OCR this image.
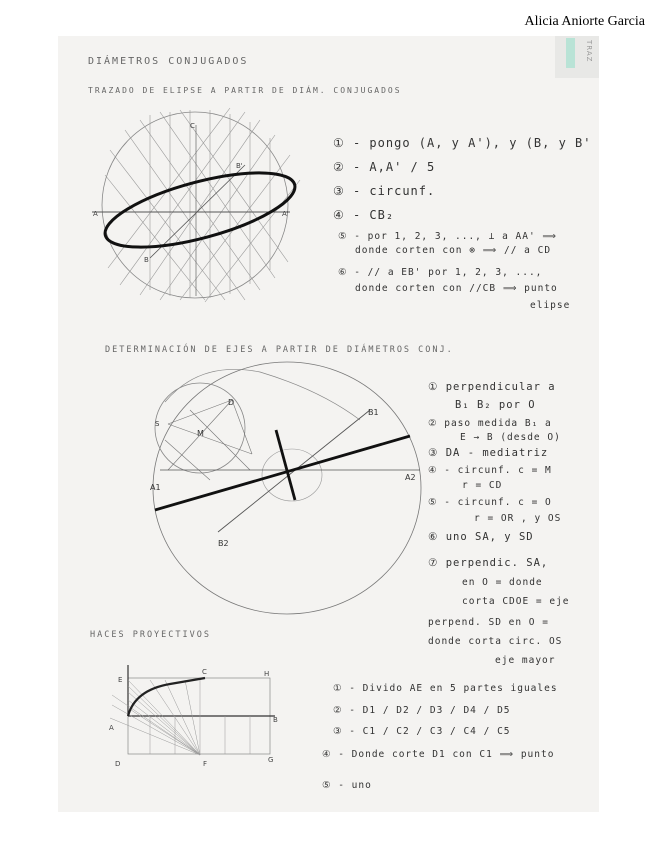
Alicia Aniorte Garcia
TRAZ
DIÁMETROS CONJUGADOS
TRAZADO DE ELIPSE A PARTIR DE DIÁM. CONJUGADOS
C
B'
A	A'
B
① - pongo (A, y A'), y (B, y B'
② - A,A' / 5
③ - circunf.
④ - CB₂
⑤ - por 1, 2, 3, ..., ⊥ a AA' ⟹
donde corten con ⊗ ⟹ // a CD
⑥ - // a EB' por 1, 2, 3, ...,
donde corten con //CB ⟹ punto
elipse
DETERMINACIÓN DE EJES A PARTIR DE DIÁMETROS CONJ.
D
B1
M
A1
A2
B2
S
① perpendicular a
B₁ B₂ por O
② paso medida B₁ a
E → B (desde O)
③ DA - mediatriz
④ - circunf. c = M
r = CD
⑤ - circunf. c = O
r = OR , y OS
⑥ uno SA, y SD
⑦ perpendic. SA,
en O = donde
corta CDOE = eje
perpend. SD en O =
donde corta circ. OS
eje mayor
HACES PROYECTIVOS
C	H
E
A
B
D	G
F
① - Divido AE en 5 partes iguales
② - D1 / D2 / D3 / D4 / D5
③ - C1 / C2 / C3 / C4 / C5
④ - Donde corte D1 con C1 ⟹ punto
⑤ - uno
